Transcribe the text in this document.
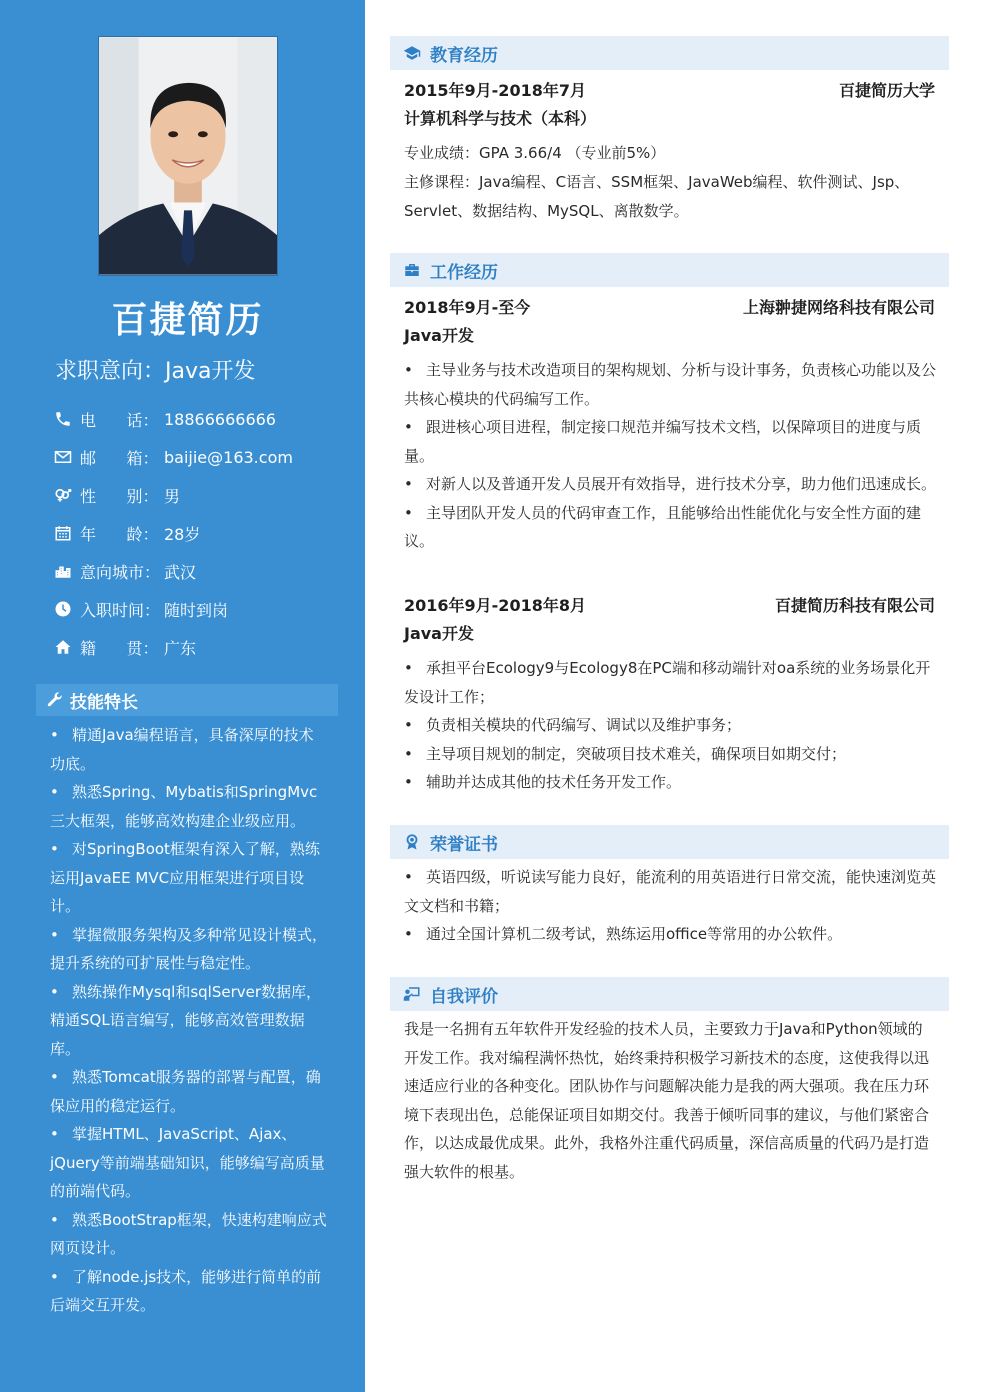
百捷简历
求职意向：Java开发
电      话： 18866666666
邮      箱： baijie@163.com
性      别： 男
年      龄： 28岁
意向城市： 武汉
入职时间： 随时到岗
籍      贯： 广东
技能特长
• 精通Java编程语言，具备深厚的技术功底。
• 熟悉Spring、Mybatis和SpringMvc三大框架，能够高效构建企业级应用。
• 对SpringBoot框架有深入了解，熟练运用JavaEE MVC应用框架进行项目设计。
• 掌握微服务架构及多种常见设计模式，提升系统的可扩展性与稳定性。
• 熟练操作Mysql和sqlServer数据库，精通SQL语言编写，能够高效管理数据库。
• 熟悉Tomcat服务器的部署与配置，确保应用的稳定运行。
• 掌握HTML、JavaScript、Ajax、jQuery等前端基础知识，能够编写高质量的前端代码。
• 熟悉BootStrap框架，快速构建响应式网页设计。
• 了解node.js技术，能够进行简单的前后端交互开发。
教育经历
2015年9月-2018年7月	百捷简历大学
计算机科学与技术（本科）
专业成绩：GPA 3.66/4 （专业前5%）
主修课程：Java编程、C语言、SSM框架、JavaWeb编程、软件测试、Jsp、Servlet、数据结构、MySQL、离散数学。
工作经历
2018年9月-至今	上海翀捷网络科技有限公司
Java开发
• 主导业务与技术改造项目的架构规划、分析与设计事务，负责核心功能以及公共核心模块的代码编写工作。
• 跟进核心项目进程，制定接口规范并编写技术文档，以保障项目的进度与质量。
• 对新人以及普通开发人员展开有效指导，进行技术分享，助力他们迅速成长。
• 主导团队开发人员的代码审查工作，且能够给出性能优化与安全性方面的建议。
2016年9月-2018年8月	百捷简历科技有限公司
Java开发
• 承担平台Ecology9与Ecology8在PC端和移动端针对oa系统的业务场景化开发设计工作；
• 负责相关模块的代码编写、调试以及维护事务；
• 主导项目规划的制定，突破项目技术难关，确保项目如期交付；
• 辅助并达成其他的技术任务开发工作。
荣誉证书
• 英语四级，听说读写能力良好，能流利的用英语进行日常交流，能快速浏览英文文档和书籍；
• 通过全国计算机二级考试，熟练运用office等常用的办公软件。
自我评价
我是一名拥有五年软件开发经验的技术人员，主要致力于Java和Python领域的开发工作。我对编程满怀热忱，始终秉持积极学习新技术的态度，这使我得以迅速适应行业的各种变化。团队协作与问题解决能力是我的两大强项。我在压力环境下表现出色，总能保证项目如期交付。我善于倾听同事的建议，与他们紧密合作，以达成最优成果。此外，我格外注重代码质量，深信高质量的代码乃是打造强大软件的根基。
